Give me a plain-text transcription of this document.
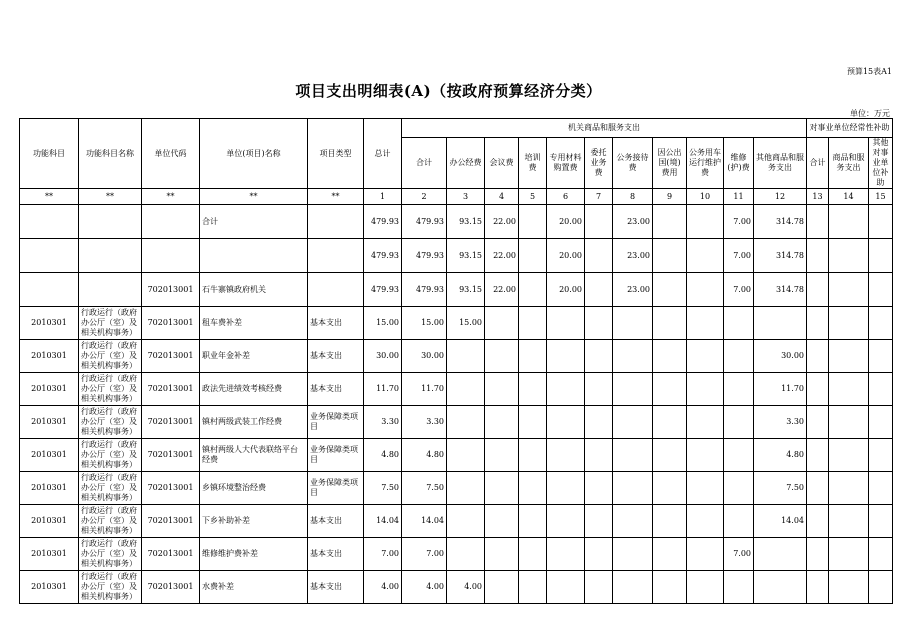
预算15表A1
项目支出明细表(A)（按政府预算经济分类）
单位：万元
功能科目	功能科目名称	单位代码	单位(项目)名称	项目类型	总计	机关商品和服务支出											对事业单位经常性补助		
						合计	办公经费	会议费	培训费	专用材料购置费	委托业务费	公务接待费	因公出国(境)费用	公务用车运行维护费	维修(护)费	其他商品和服务支出	合计	商品和服务支出	其他对事业单位补助
**	**	**	**	**	1	2	3	4	5	6	7	8	9	10	11	12	13	14	15
			合计		479.93	479.93	93.15	22.00		20.00		23.00			7.00	314.78			
					479.93	479.93	93.15	22.00		20.00		23.00			7.00	314.78			
		702013001	石牛寨镇政府机关		479.93	479.93	93.15	22.00		20.00		23.00			7.00	314.78			
2010301	行政运行（政府办公厅（室）及相关机构事务）	702013001	租车费补差	基本支出	15.00	15.00	15.00												
2010301	行政运行（政府办公厅（室）及相关机构事务）	702013001	职业年金补差	基本支出	30.00	30.00										30.00			
2010301	行政运行（政府办公厅（室）及相关机构事务）	702013001	政法先进绩效考核经费	基本支出	11.70	11.70										11.70			
2010301	行政运行（政府办公厅（室）及相关机构事务）	702013001	镇村两级武装工作经费	业务保障类项目	3.30	3.30										3.30			
2010301	行政运行（政府办公厅（室）及相关机构事务）	702013001	镇村两级人大代表联络平台经费	业务保障类项目	4.80	4.80										4.80			
2010301	行政运行（政府办公厅（室）及相关机构事务）	702013001	乡镇环境整治经费	业务保障类项目	7.50	7.50										7.50			
2010301	行政运行（政府办公厅（室）及相关机构事务）	702013001	下乡补助补差	基本支出	14.04	14.04										14.04			
2010301	行政运行（政府办公厅（室）及相关机构事务）	702013001	维修维护费补差	基本支出	7.00	7.00									7.00				
2010301	行政运行（政府办公厅（室）及相关机构事务）	702013001	水费补差	基本支出	4.00	4.00	4.00												
